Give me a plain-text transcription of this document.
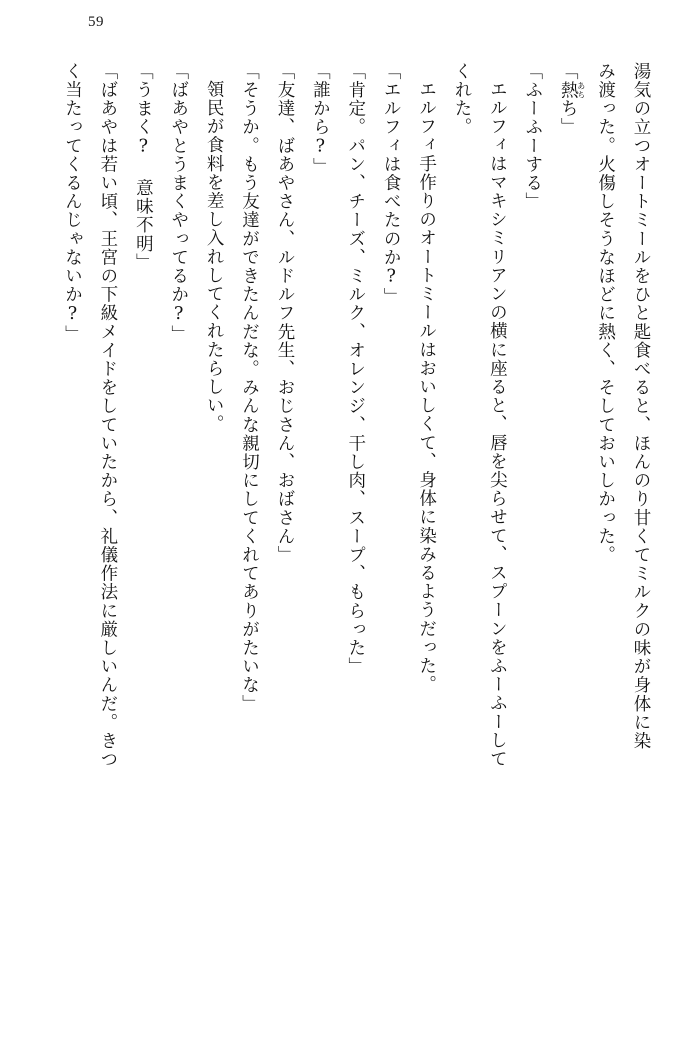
59
湯気の立つオートミールをひと匙食べると、ほんのり甘くてミルクの味が身体に染
み渡った。火傷しそうなほどに熱く、そしておいしかった。
「熱あちち」
「ふーふーする」
エルフィはマキシミリアンの横に座ると、唇を尖らせて、スプーンをふーふーして
くれた。
エルフィ手作りのオートミールはおいしくて、身体に染みるようだった。
「エルフィは食べたのか?」
「肯定。パン、チーズ、ミルク、オレンジ、干し肉、スープ、もらった」
「誰から?」
「友達、ばあやさん、ルドルフ先生、おじさん、おばさん」
「そうか。もう友達ができたんだな。みんな親切にしてくれてありがたいな」
領民が食料を差し入れしてくれたらしい。
「ばあやとうまくやってるか?」
「うまく? 意味不明」
「ばあやは若い頃、王宮の下級メイドをしていたから、礼儀作法に厳しいんだ。きつ
く当たってくるんじゃないか?」
